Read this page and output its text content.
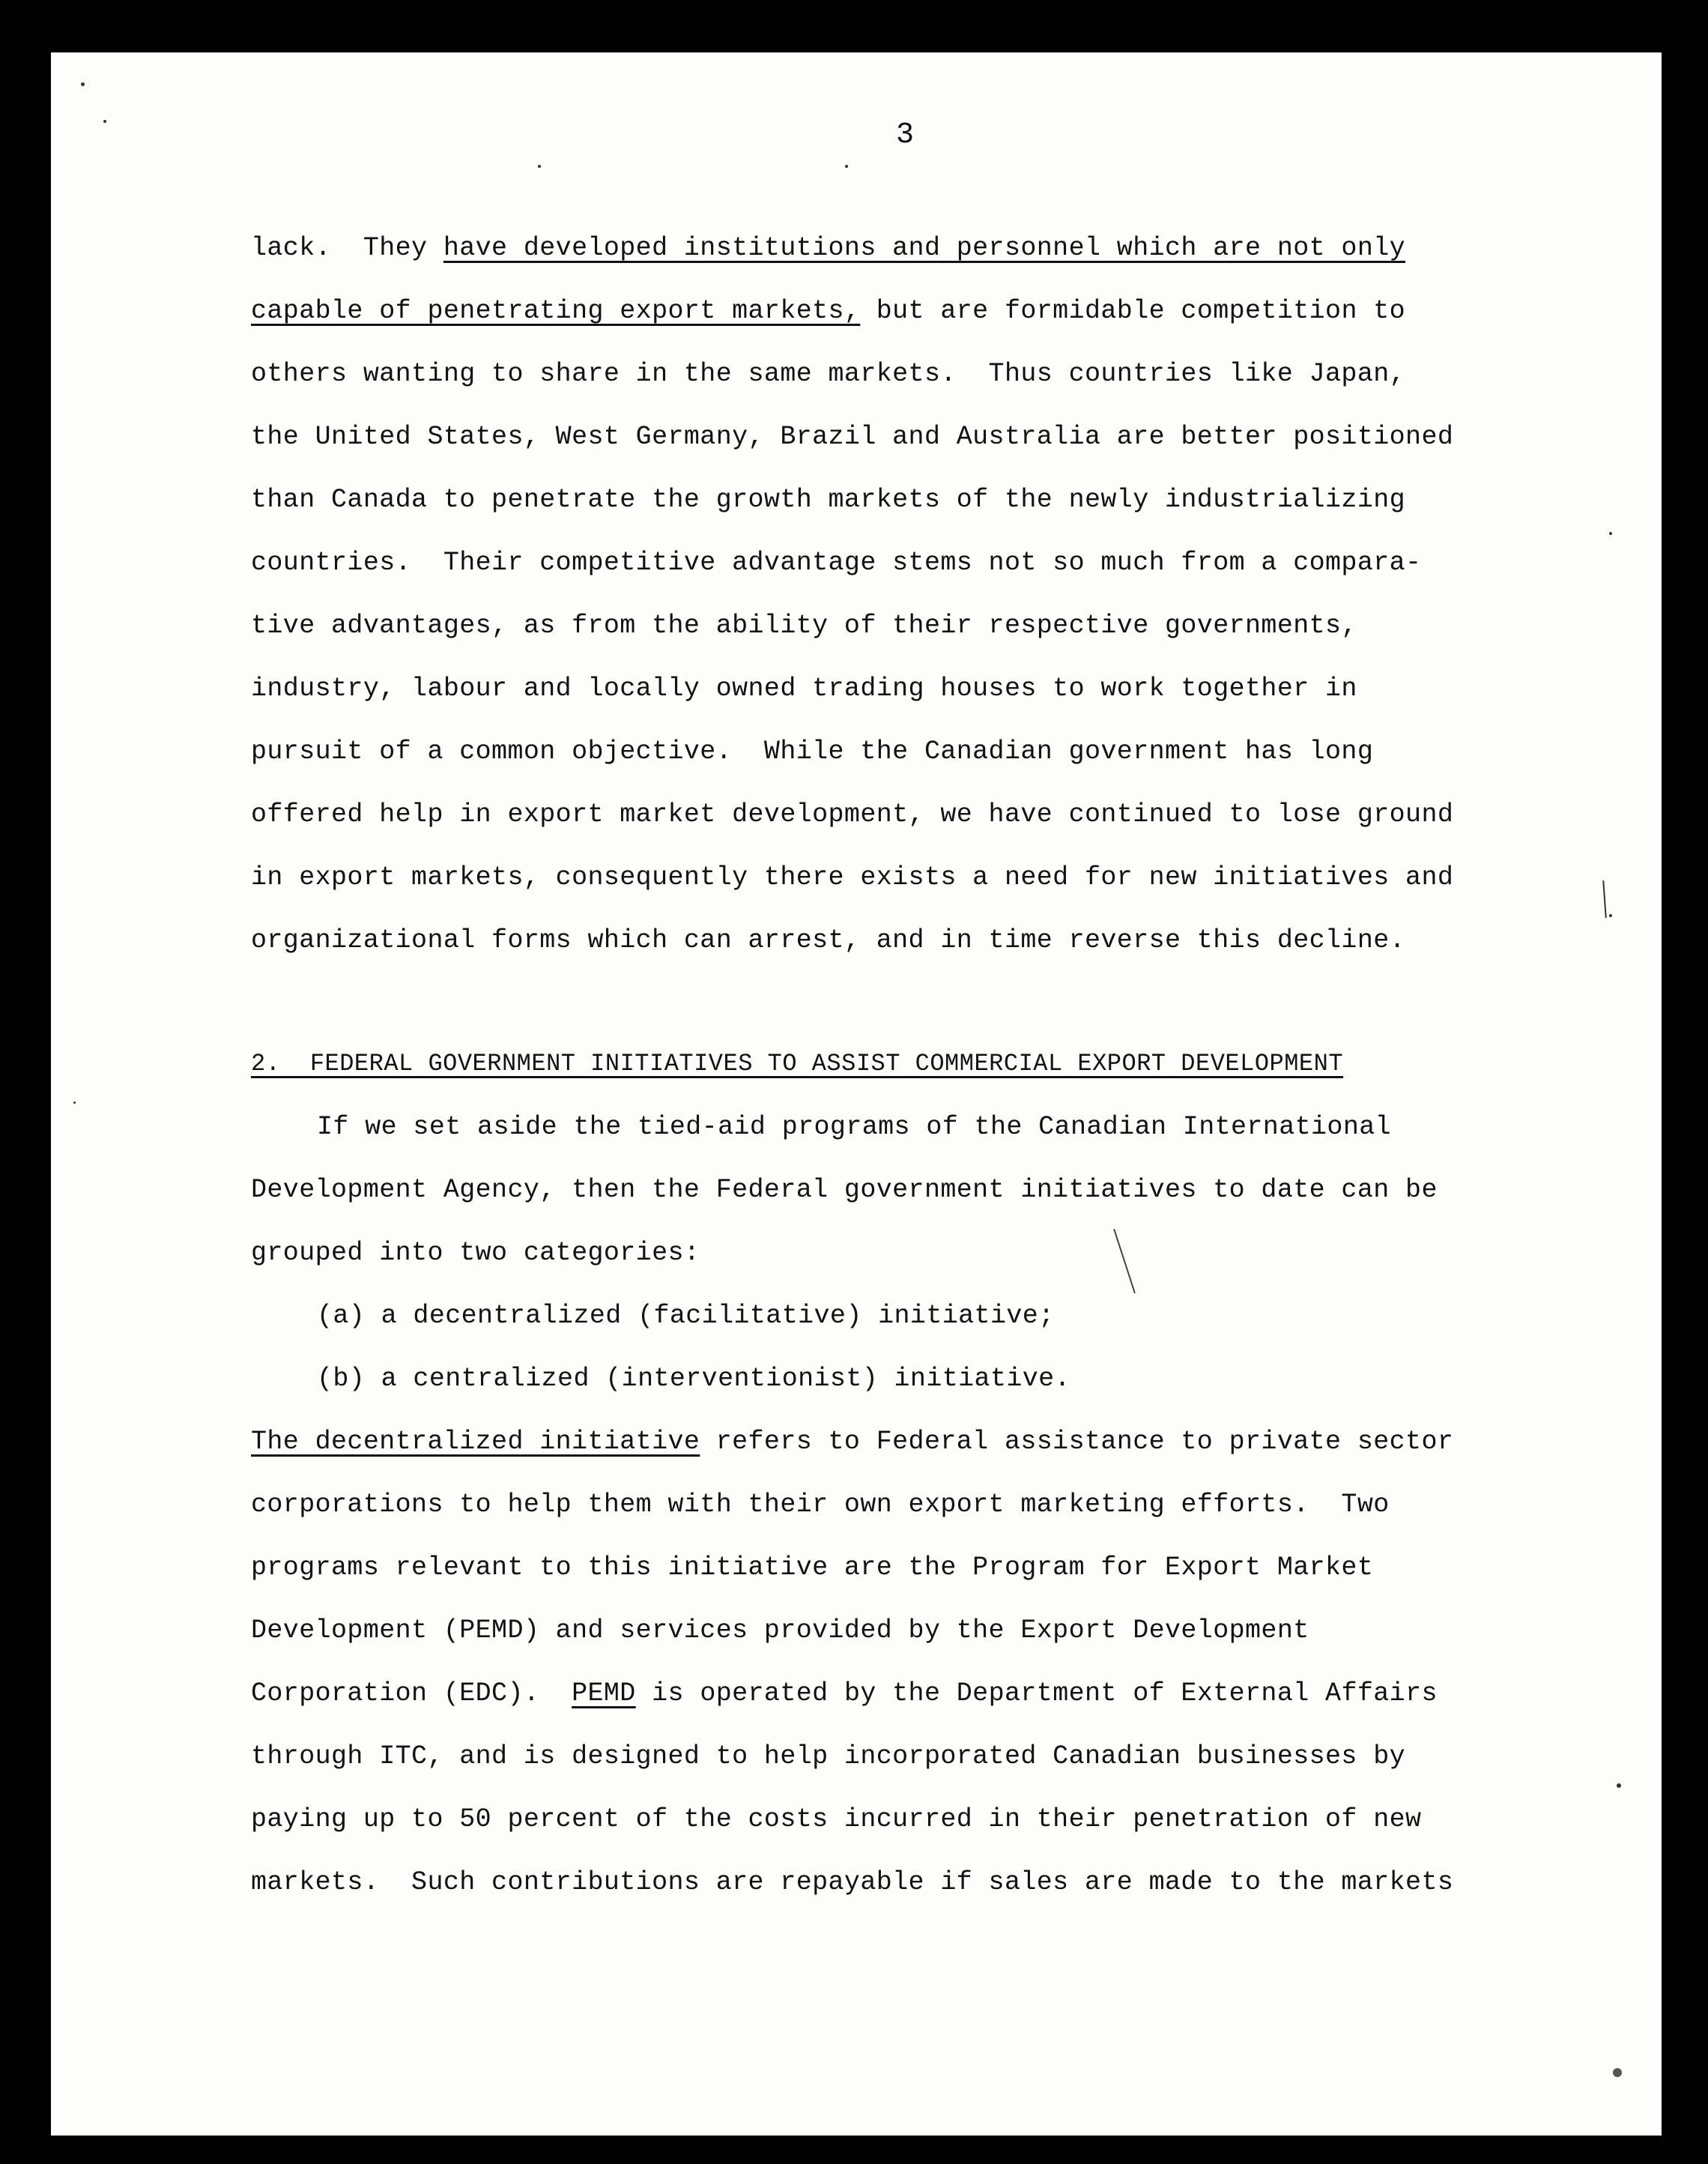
3
lack.  They have developed institutions and personnel which are not only
capable of penetrating export markets, but are formidable competition to
others wanting to share in the same markets.  Thus countries like Japan,
the United States, West Germany, Brazil and Australia are better positioned
than Canada to penetrate the growth markets of the newly industrializing
countries.  Their competitive advantage stems not so much from a compara-
tive advantages, as from the ability of their respective governments,
industry, labour and locally owned trading houses to work together in
pursuit of a common objective.  While the Canadian government has long
offered help in export market development, we have continued to lose ground
in export markets, consequently there exists a need for new initiatives and
organizational forms which can arrest, and in time reverse this decline.
2.  FEDERAL GOVERNMENT INITIATIVES TO ASSIST COMMERCIAL EXPORT DEVELOPMENT
If we set aside the tied-aid programs of the Canadian International
Development Agency, then the Federal government initiatives to date can be
grouped into two categories:
(a) a decentralized (facilitative) initiative;
(b) a centralized (interventionist) initiative.
The decentralized initiative refers to Federal assistance to private sector
corporations to help them with their own export marketing efforts.  Two
programs relevant to this initiative are the Program for Export Market
Development (PEMD) and services provided by the Export Development
Corporation (EDC).  PEMD is operated by the Department of External Affairs
through ITC, and is designed to help incorporated Canadian businesses by
paying up to 50 percent of the costs incurred in their penetration of new
markets.  Such contributions are repayable if sales are made to the markets
